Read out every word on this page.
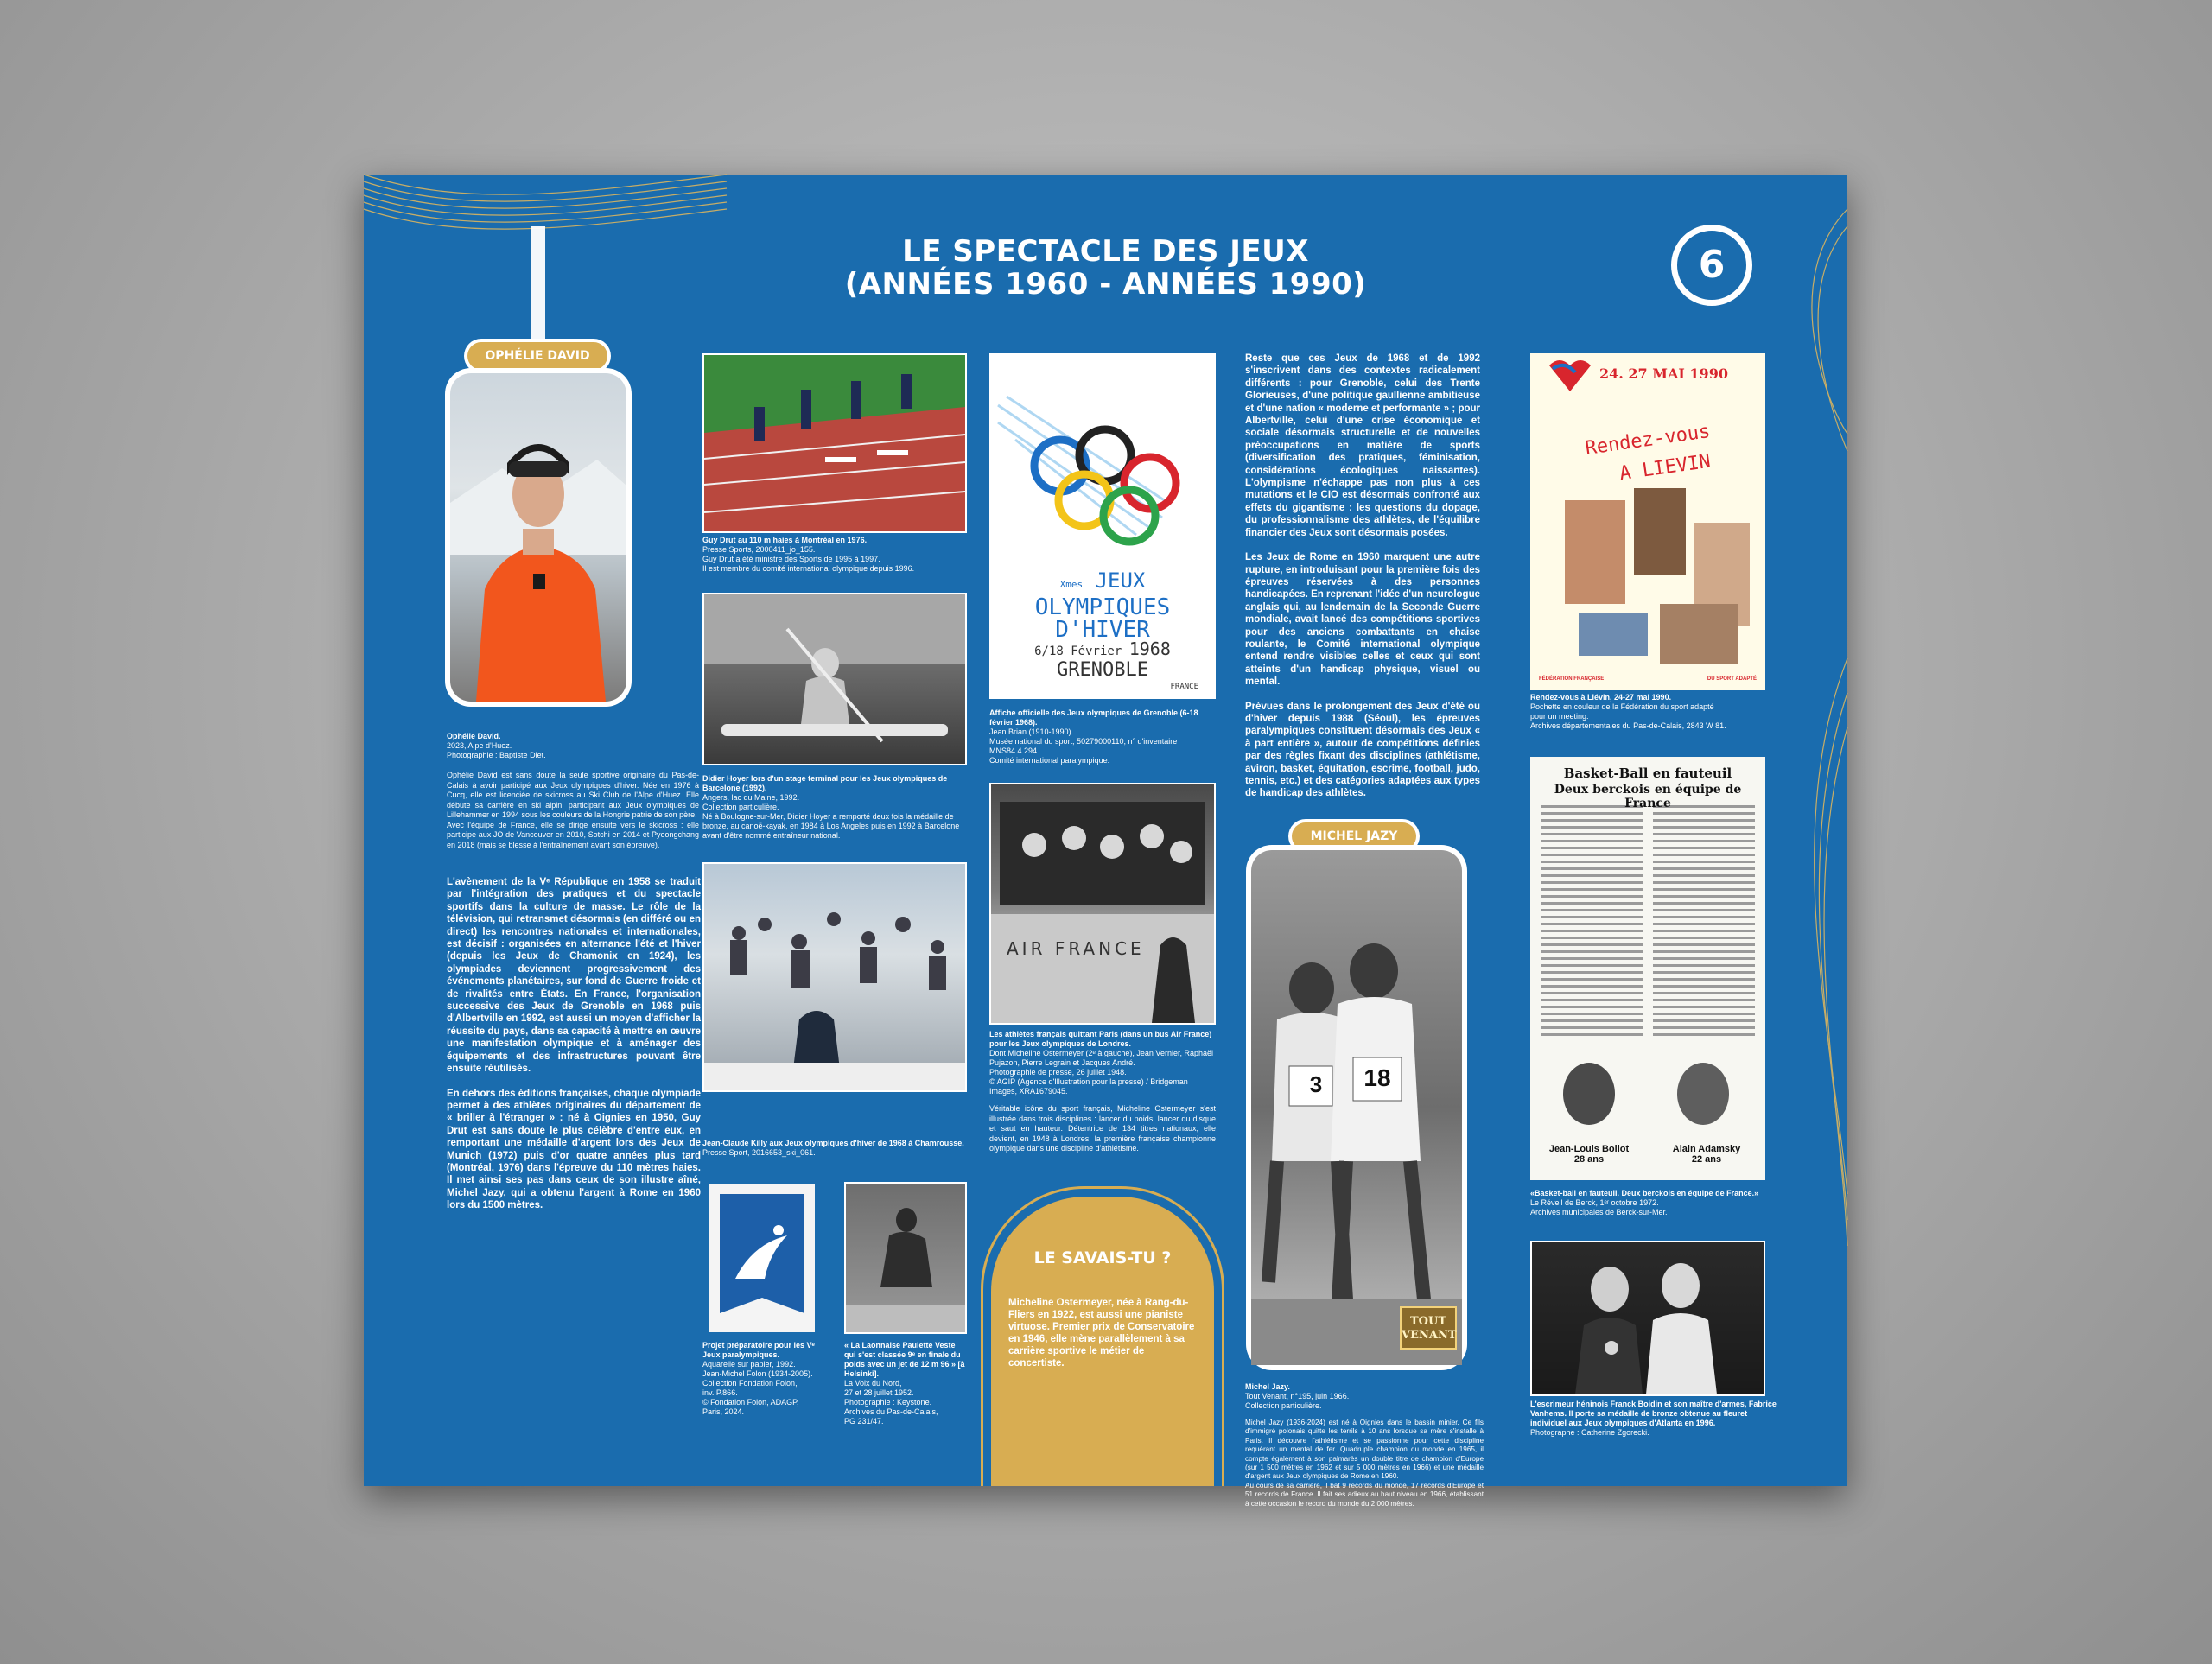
LE SPECTACLE DES JEUX
(ANNÉES 1960 - ANNÉES 1990)	6
OPHÉLIE DAVID
Ophélie David.
2023, Alpe d'Huez.
Photographie : Baptiste Diet.
Ophélie David est sans doute la seule sportive originaire du Pas-de-Calais à avoir participé aux Jeux olympiques d'hiver. Née en 1976 à Cucq, elle est licenciée de skicross au Ski Club de l'Alpe d'Huez. Elle débute sa carrière en ski alpin, participant aux Jeux olympiques de Lillehammer en 1994 sous les couleurs de la Hongrie patrie de son père.
Avec l'équipe de France, elle se dirige ensuite vers le skicross : elle participe aux JO de Vancouver en 2010, Sotchi en 2014 et Pyeongchang en 2018 (mais se blesse à l'entraînement avant son épreuve).

L'avènement de la Vᵉ République en 1958 se traduit par l'intégration des pratiques et du spectacle sportifs dans la culture de masse. Le rôle de la télévision, qui retransmet désormais (en différé ou en direct) les rencontres nationales et internationales, est décisif : organisées en alternance l'été et l'hiver (depuis les Jeux de Chamonix en 1924), les olympiades deviennent progressivement des événements planétaires, sur fond de Guerre froide et de rivalités entre États. En France, l'organisation successive des Jeux de Grenoble en 1968 puis d'Albertville en 1992, est aussi un moyen d'afficher la réussite du pays, dans sa capacité à mettre en œuvre une manifestation olympique et à aménager des équipements et des infrastructures pouvant être ensuite réutilisés.

En dehors des éditions françaises, chaque olympiade permet à des athlètes originaires du département de « briller à l'étranger » : né à Oignies en 1950, Guy Drut est sans doute le plus célèbre d'entre eux, en remportant une médaille d'argent lors des Jeux de Munich (1972) puis d'or quatre années plus tard (Montréal, 1976) dans l'épreuve du 110 mètres haies. Il met ainsi ses pas dans ceux de son illustre aîné, Michel Jazy, qui a obtenu l'argent à Rome en 1960 lors du 1500 mètres.

Guy Drut au 110 m haies à Montréal en 1976.
Presse Sports, 2000411_jo_155.
Guy Drut a été ministre des Sports de 1995 à 1997.
Il est membre du comité international olympique depuis 1996.
Didier Hoyer lors d'un stage terminal pour les Jeux olympiques de Barcelone (1992).
Angers, lac du Maine, 1992.
Collection particulière.
Né à Boulogne-sur-Mer, Didier Hoyer a remporté deux fois la médaille de bronze, au canoë-kayak, en 1984 à Los Angeles puis en 1992 à Barcelone avant d'être nommé entraîneur national.
Jean-Claude Killy aux Jeux olympiques d'hiver de 1968 à Chamrousse.
Presse Sport, 2016653_ski_061.
Projet préparatoire pour les Vᵉ Jeux paralympiques.
Aquarelle sur papier, 1992.
Jean-Michel Folon (1934-2005).
Collection Fondation Folon,
inv. P.866.
© Fondation Folon, ADAGP, Paris, 2024.
« La Laonnaise Paulette Veste qui s'est classée 9ᵉ en finale du poids avec un jet de 12 m 96 » [à Helsinki].
La Voix du Nord,
27 et 28 juillet 1952.
Photographie : Keystone.
Archives du Pas-de-Calais,
PG 231/47.
Xmes JEUX
OLYMPIQUES
D'HIVER
6/18 Février 1968
GRENOBLE
FRANCE
Affiche officielle des Jeux olympiques de Grenoble (6-18 février 1968).
Jean Brian (1910-1990).
Musée national du sport, 50279000110, n° d'inventaire MNS84.4.294.
Comité international paralympique.
AIR FRANCE
Les athlètes français quittant Paris (dans un bus Air France) pour les Jeux olympiques de Londres.
Dont Micheline Ostermeyer (2ᵉ à gauche), Jean Vernier, Raphaël Pujazon, Pierre Legrain et Jacques André.
Photographie de presse, 26 juillet 1948.
© AGIP (Agence d'Illustration pour la presse) / Bridgeman Images, XRA1679045.
Véritable icône du sport français, Micheline Ostermeyer s'est illustrée dans trois disciplines : lancer du poids, lancer du disque et saut en hauteur. Détentrice de 134 titres nationaux, elle devient, en 1948 à Londres, la première française championne olympique dans une discipline d'athlétisme.
LE SAVAIS-TU ?
Micheline Ostermeyer, née à Rang-du-Fliers en 1922, est aussi une pianiste virtuose. Premier prix de Conservatoire en 1946, elle mène parallèlement à sa carrière sportive le métier de concertiste.

Reste que ces Jeux de 1968 et de 1992 s'inscrivent dans des contextes radicalement différents : pour Grenoble, celui des Trente Glorieuses, d'une politique gaullienne ambitieuse et d'une nation « moderne et performante » ; pour Albertville, celui d'une crise économique et sociale désormais structurelle et de nouvelles préoccupations en matière de sports (diversification des pratiques, féminisation, considérations écologiques naissantes). L'olympisme n'échappe pas non plus à ces mutations et le CIO est désormais confronté aux effets du gigantisme : les questions du dopage, du professionnalisme des athlètes, de l'équilibre financier des Jeux sont désormais posées.

Les Jeux de Rome en 1960 marquent une autre rupture, en introduisant pour la première fois des épreuves réservées à des personnes handicapées. En reprenant l'idée d'un neurologue anglais qui, au lendemain de la Seconde Guerre mondiale, avait lancé des compétitions sportives pour des anciens combattants en chaise roulante, le Comité international olympique entend rendre visibles celles et ceux qui sont atteints d'un handicap physique, visuel ou mental.

Prévues dans le prolongement des Jeux d'été ou d'hiver depuis 1988 (Séoul), les épreuves paralympiques constituent désormais des Jeux « à part entière », autour de compétitions définies par des règles fixant des disciplines (athlétisme, aviron, basket, équitation, escrime, football, judo, tennis, etc.) et des catégories adaptées aux types de handicap des athlètes.

MICHEL JAZY
3	18
TOUT VENANT
Michel Jazy.
Tout Venant, n°195, juin 1966.
Collection particulière.
Michel Jazy (1936-2024) est né à Oignies dans le bassin minier. Ce fils d'immigré polonais quitte les terrils à 10 ans lorsque sa mère s'installe à Paris. Il découvre l'athlétisme et se passionne pour cette discipline requérant un mental de fer. Quadruple champion du monde en 1965, il compte également à son palmarès un double titre de champion d'Europe (sur 1 500 mètres en 1962 et sur 5 000 mètres en 1966) et une médaille d'argent aux Jeux olympiques de Rome en 1960.
Au cours de sa carrière, il bat 9 records du monde, 17 records d'Europe et 51 records de France. Il fait ses adieux au haut niveau en 1966, établissant à cette occasion le record du monde du 2 000 mètres.
24. 27 MAI 1990
Rendez-vous
A LIEVIN
FÉDÉRATION FRANÇAISE	DU SPORT ADAPTÉ
Rendez-vous à Liévin, 24-27 mai 1990.
Pochette en couleur de la Fédération du sport adapté
pour un meeting.
Archives départementales du Pas-de-Calais, 2843 W 81.
Basket-Ball en fauteuil
Deux berckois en équipe de France
Jean-Louis Bollot
28 ans
Alain Adamsky
22 ans
«Basket-ball en fauteuil. Deux berckois en équipe de France.»
Le Réveil de Berck, 1ᵉʳ octobre 1972.
Archives municipales de Berck-sur-Mer.
L'escrimeur héninois Franck Boidin et son maître d'armes, Fabrice Vanhems. Il porte sa médaille de bronze obtenue au fleuret individuel aux Jeux olympiques d'Atlanta en 1996.
Photographe : Catherine Zgorecki.
